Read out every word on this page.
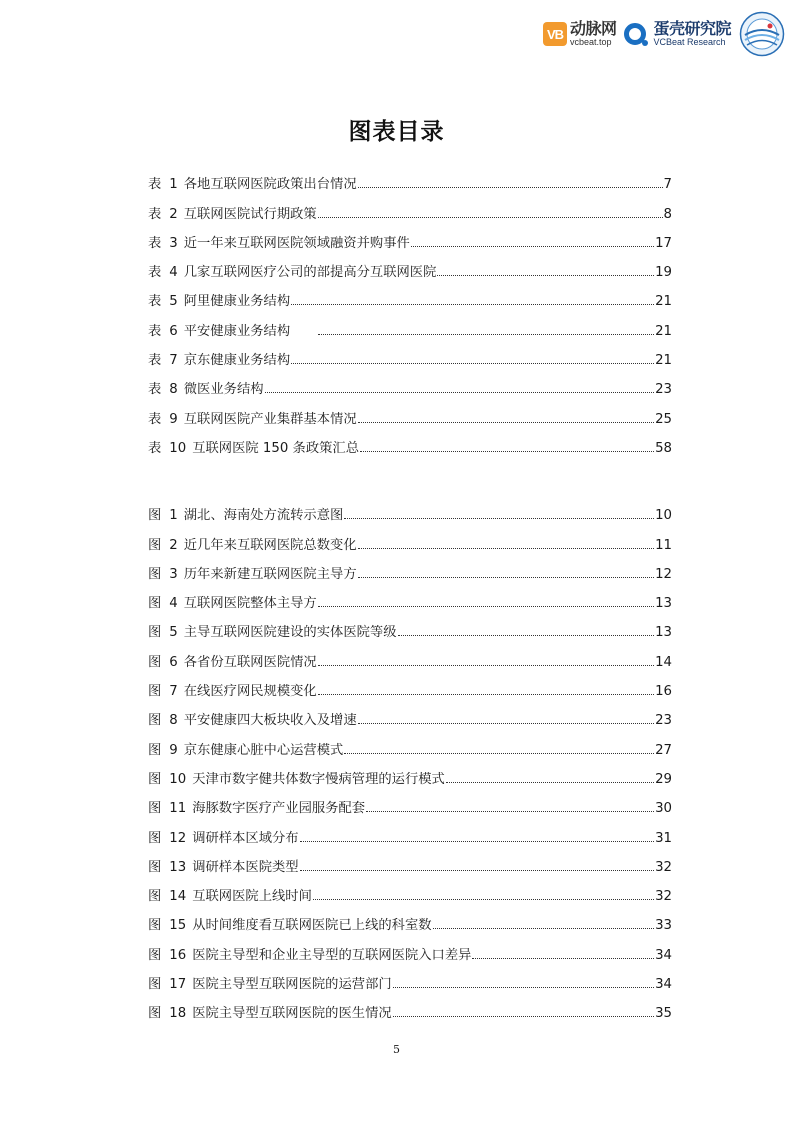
VB 动脉网
vcbeat.top
蛋壳研究院
VCBeat Research
图表目录
表 1 各地互联网医院政策出台情况	7
表 2 互联网医院试行期政策	8
表 3 近一年来互联网医院领域融资并购事件	17
表 4 几家互联网医疗公司的部提高分互联网医院	19
表 5 阿里健康业务结构	21
表 6 平安健康业务结构　　	21
表 7 京东健康业务结构	21
表 8 微医业务结构	23
表 9 互联网医院产业集群基本情况	25
表 10 互联网医院 150 条政策汇总	58
图 1 湖北、海南处方流转示意图	10
图 2 近几年来互联网医院总数变化	11
图 3 历年来新建互联网医院主导方	12
图 4 互联网医院整体主导方	13
图 5 主导互联网医院建设的实体医院等级	13
图 6 各省份互联网医院情况	14
图 7 在线医疗网民规模变化	16
图 8 平安健康四大板块收入及增速	23
图 9 京东健康心脏中心运营模式	27
图 10 天津市数字健共体数字慢病管理的运行模式	29
图 11 海豚数字医疗产业园服务配套	30
图 12 调研样本区域分布	31
图 13 调研样本医院类型	32
图 14 互联网医院上线时间	32
图 15 从时间维度看互联网医院已上线的科室数	33
图 16 医院主导型和企业主导型的互联网医院入口差异	34
图 17 医院主导型互联网医院的运营部门	34
图 18 医院主导型互联网医院的医生情况	35
5
